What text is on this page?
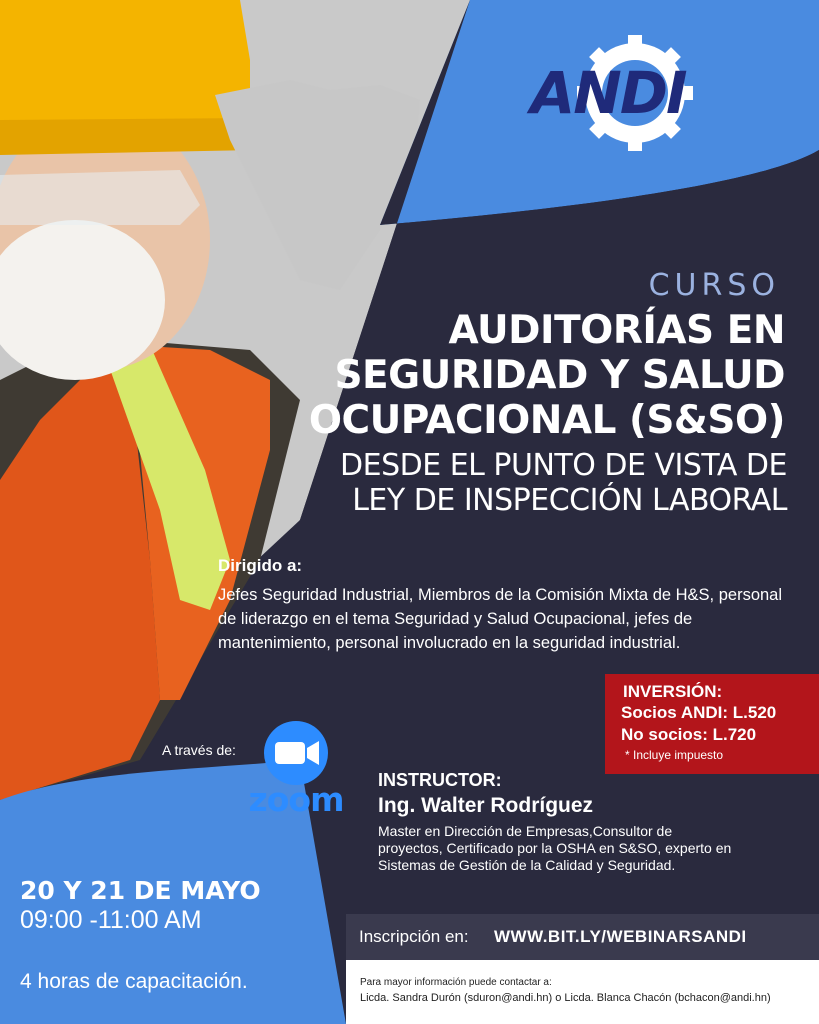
ANDI
CURSO
AUDITORÍAS EN
SEGURIDAD Y SALUD
OCUPACIONAL (S&SO)
DESDE EL PUNTO DE VISTA DE
LEY DE INSPECCIÓN LABORAL
Dirigido a:
Jefes Seguridad Industrial, Miembros de la Comisión Mixta de H&S, personal de liderazgo en el tema Seguridad y Salud Ocupacional, jefes de mantenimiento, personal involucrado en la seguridad industrial.
INVERSIÓN:
Socios ANDI: L.520
No socios: L.720
* Incluye impuesto
A través de:
zoom INSTRUCTOR:
Ing. Walter Rodríguez
Master en Dirección de Empresas,Consultor de proyectos, Certificado por la OSHA en S&SO, experto en Sistemas de Gestión de la Calidad y Seguridad.
20 Y 21 DE MAYO
09:00 -11:00 AM
4 horas de capacitación.
Inscripción en: WWW.BIT.LY/WEBINARSANDI
Para mayor información puede contactar a:
Licda. Sandra Durón (sduron@andi.hn) o Licda. Blanca Chacón (bchacon@andi.hn)
